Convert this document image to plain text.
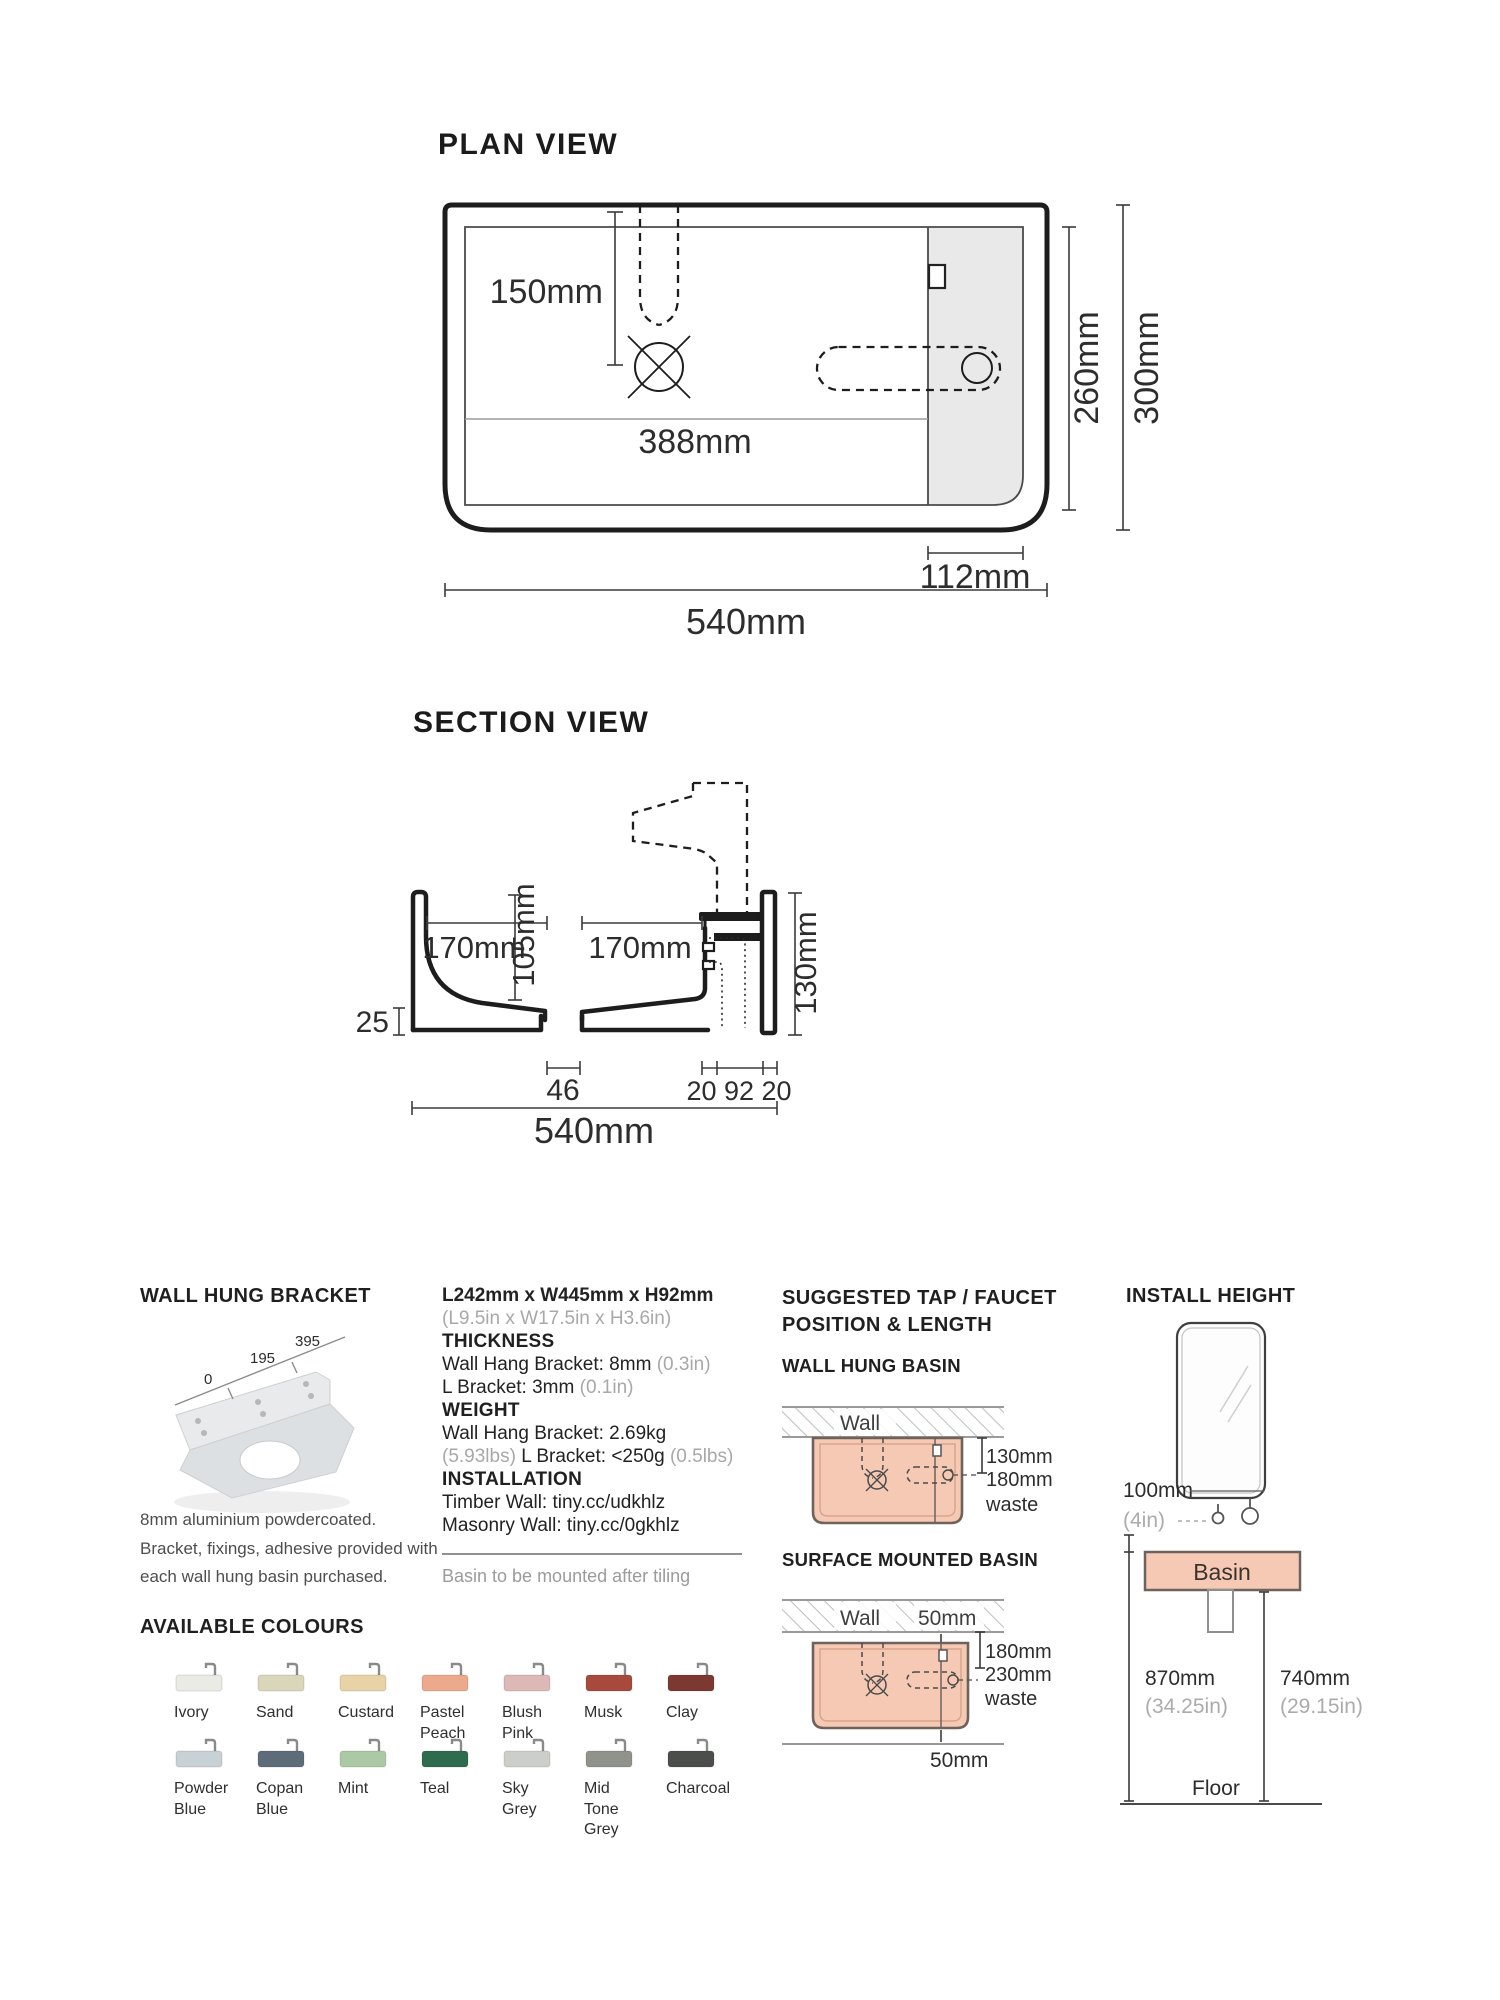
PLAN VIEW
SECTION VIEW
150mm
388mm
112mm
540mm
260mm 300mm
170mm 170mm
105mm
25
130mm
46	20 92 20
540mm
WALL HUNG BRACKET
0
195
395
8mm aluminium powdercoated. Bracket, fixings, adhesive provided with each wall hung basin purchased.
AVAILABLE COLOURS
Ivory	Sand	Custard	Pastel Peach
Blush Pink
Musk	Clay
Powder Blue
Copan Blue
Mint	Teal	Sky Grey
Mid Tone Grey
Charcoal

L242mm x W445mm x H92mm

(L9.5in x W17.5in x H3.6in)

THICKNESS

Wall Hang Bracket: 8mm (0.3in)

L Bracket: 3mm (0.1in)

WEIGHT

Wall Hang Bracket: 2.69kg

(5.93lbs) L Bracket: <250g (0.5lbs)

INSTALLATION

Timber Wall: tiny.cc/udkhlz

Masonry Wall: tiny.cc/0gkhlz

Basin to be mounted after tiling

SUGGESTED TAP / FAUCET
POSITION & LENGTH
WALL HUNG BASIN
Wall
130mm
180mm
waste
SURFACE MOUNTED BASIN
Wall 50mm
180mm
230mm
waste
50mm
INSTALL HEIGHT
100mm
(4in)
Basin
870mm
(34.25in)
740mm
(29.15in)
Floor
